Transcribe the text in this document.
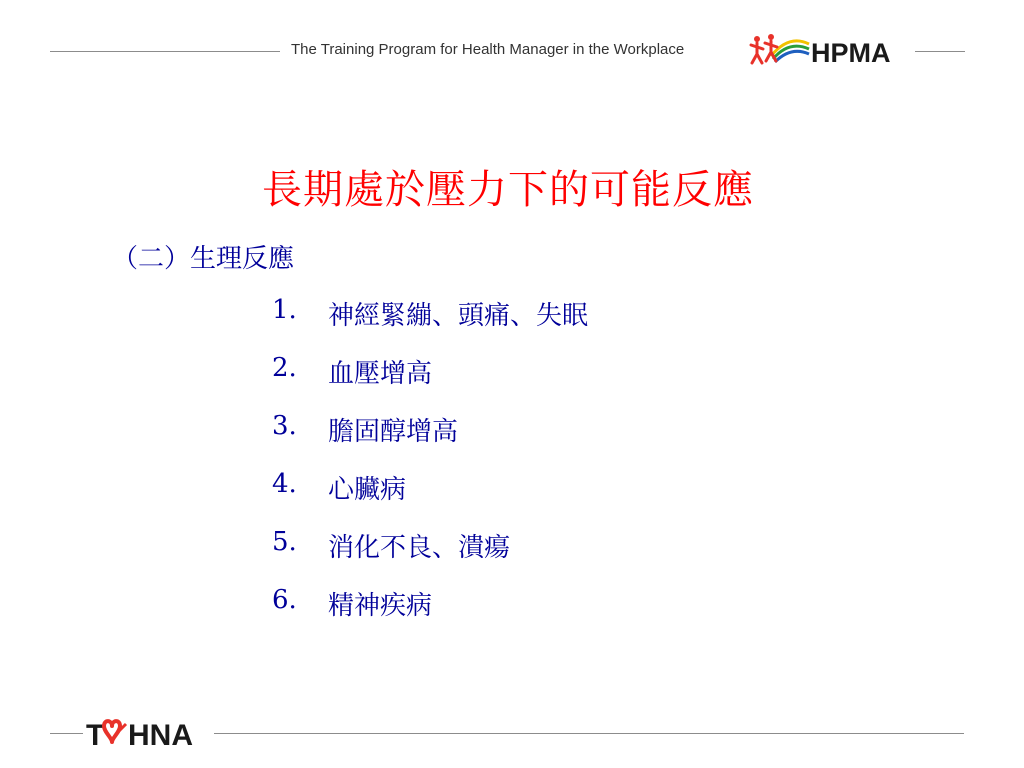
The Training Program for Health Manager in the Workplace	HPMA
長期處於壓力下的可能反應
（二）生理反應
1.	神經緊繃、頭痛、失眠
2.	血壓增高
3.	膽固醇增高
4.	心臟病
5.	消化不良、潰瘍
6.	精神疾病
T HNA
